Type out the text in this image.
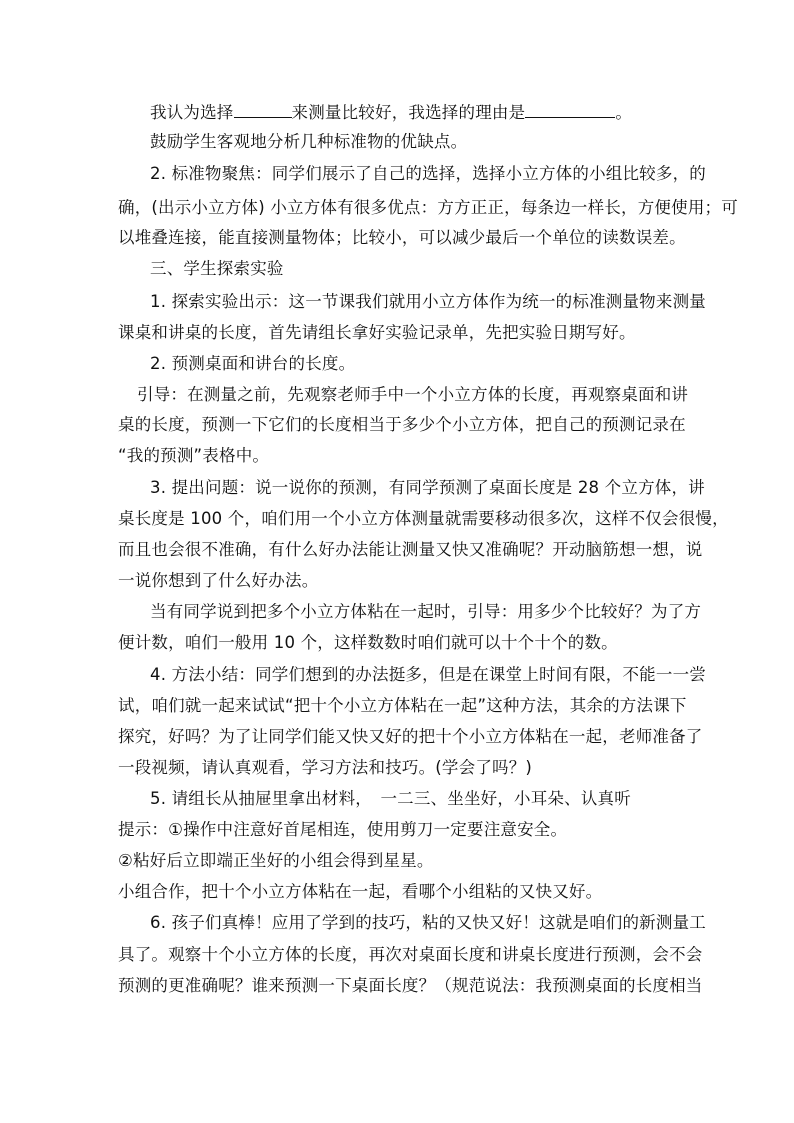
我认为选择	来测量比较好，我选择的理由是	。
鼓励学生客观地分析几种标准物的优缺点。
2. 标准物聚焦：同学们展示了自己的选择，选择小立方体的小组比较多，的
确，(出示小立方体) 小立方体有很多优点：方方正正，每条边一样长，方便使用；可
以堆叠连接，能直接测量物体；比较小，可以减少最后一个单位的读数误差。
三、学生探索实验
1. 探索实验出示：这一节课我们就用小立方体作为统一的标准测量物来测量
课桌和讲桌的长度，首先请组长拿好实验记录单，先把实验日期写好。
2. 预测桌面和讲台的长度。
引导：在测量之前，先观察老师手中一个小立方体的长度，再观察桌面和讲
桌的长度，预测一下它们的长度相当于多少个小立方体，把自己的预测记录在
“我的预测”表格中。
3. 提出问题：说一说你的预测，有同学预测了桌面长度是 28 个立方体，讲
桌长度是 100 个，咱们用一个小立方体测量就需要移动很多次，这样不仅会很慢，
而且也会很不准确，有什么好办法能让测量又快又准确呢？开动脑筋想一想，说
一说你想到了什么好办法。
当有同学说到把多个小立方体粘在一起时，引导：用多少个比较好？为了方
便计数，咱们一般用 10 个，这样数数时咱们就可以十个十个的数。
4. 方法小结：同学们想到的办法挺多，但是在课堂上时间有限，不能一一尝
试，咱们就一起来试试“把十个小立方体粘在一起”这种方法，其余的方法课下
探究，好吗？为了让同学们能又快又好的把十个小立方体粘在一起，老师准备了
一段视频，请认真观看，学习方法和技巧。(学会了吗？)
5. 请组长从抽屉里拿出材料，　一二三、坐坐好，小耳朵、认真听
提示：①操作中注意好首尾相连，使用剪刀一定要注意安全。
②粘好后立即端正坐好的小组会得到星星。
小组合作，把十个小立方体粘在一起，看哪个小组粘的又快又好。
6. 孩子们真棒！应用了学到的技巧，粘的又快又好！这就是咱们的新测量工
具了。观察十个小立方体的长度，再次对桌面长度和讲桌长度进行预测，会不会
预测的更准确呢？谁来预测一下桌面长度？（规范说法：我预测桌面的长度相当
